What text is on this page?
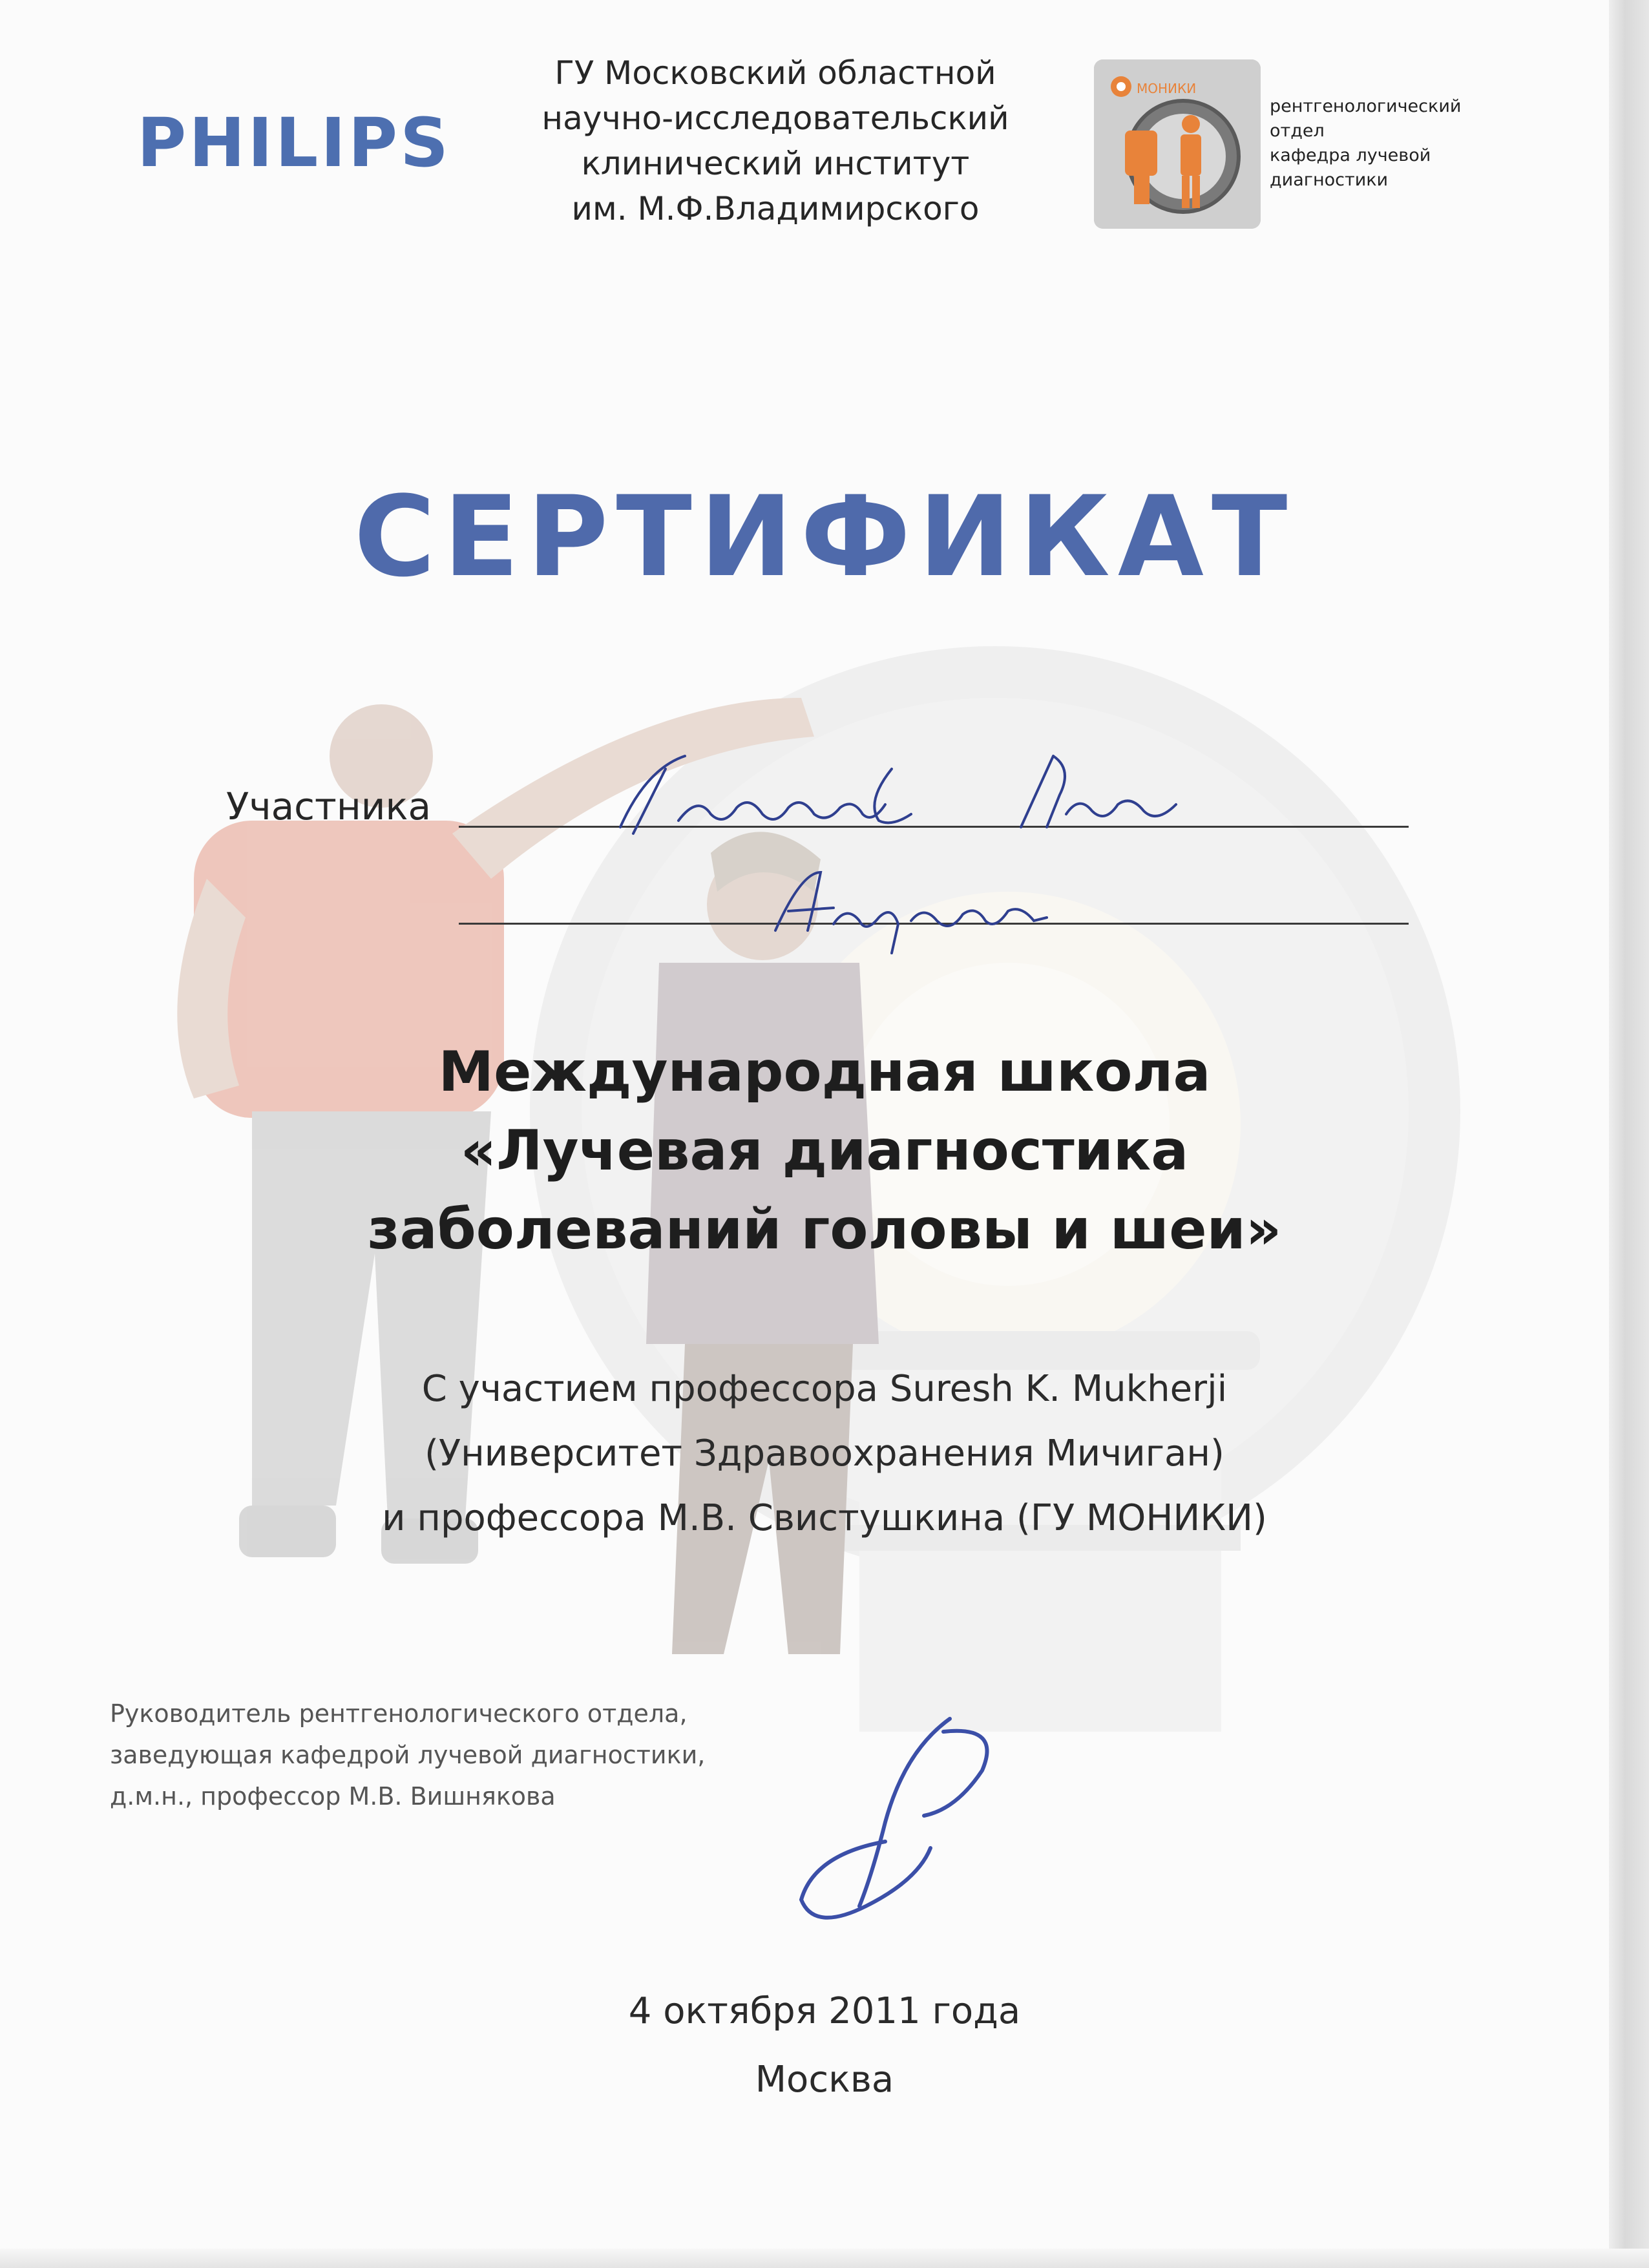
PHILIPS
ГУ Московский областной
научно-исследовательский
клинический институт
им. М.Ф.Владимирского
МОНИКИ
рентгенологический
отдел
кафедра лучевой
диагностики
СЕРТИФИКАТ
Участника
Международная школа
«Лучевая диагностика
заболеваний головы и шеи»
С участием профессора Suresh K. Mukherji
(Университет Здравоохранения Мичиган)
и профессора М.В. Свистушкина (ГУ МОНИКИ)
Руководитель рентгенологического отдела,
заведующая кафедрой лучевой диагностики,
д.м.н., профессор М.В. Вишнякова
4 октября 2011 года
Москва
